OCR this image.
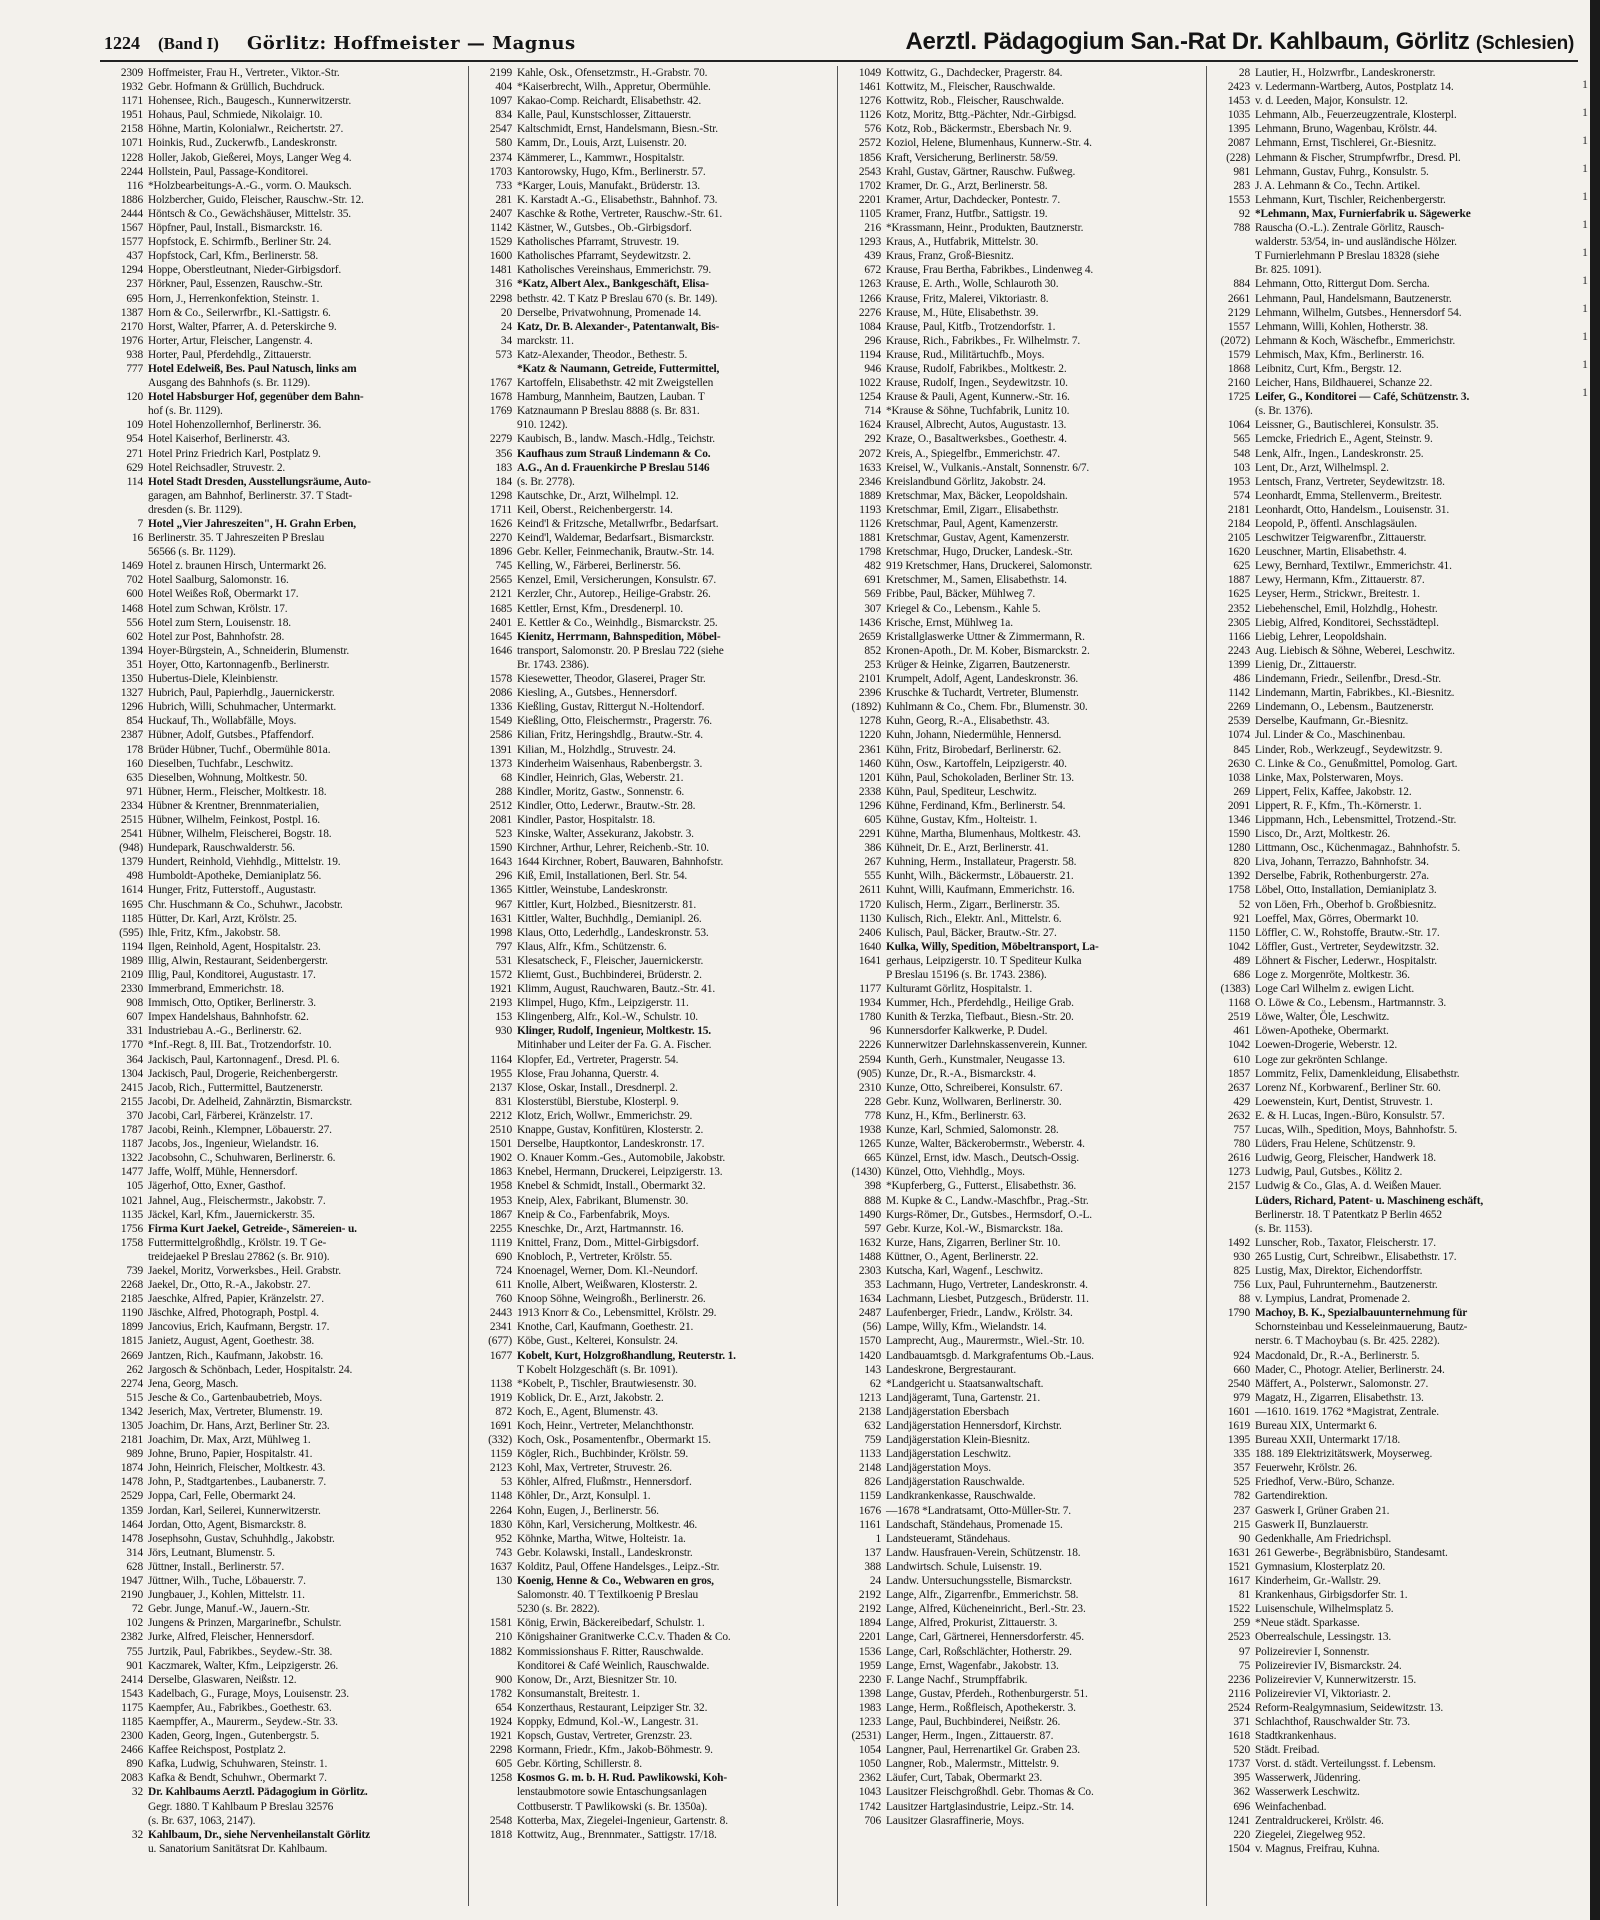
1224 (Band I) Görlitz: Hoffmeister — Magnus	Aerztl. Pädagogium San.-Rat Dr. Kahlbaum, Görlitz (Schlesien)
2309 Hoffmeister, Frau H., Vertreter., Viktor.-Str.
1932 Gebr. Hofmann & Grüllich, Buchdruck.
1171 Hohensee, Rich., Baugesch., Kunnerwitzerstr.
1951 Hohaus, Paul, Schmiede, Nikolaigr. 10.
2158 Höhne, Martin, Kolonialwr., Reichertstr. 27.
1071 Hoinkis, Rud., Zuckerwfb., Landeskronstr.
1228 Holler, Jakob, Gießerei, Moys, Langer Weg 4.
2244 Hollstein, Paul, Passage-Konditorei.
116 *Holzbearbeitungs-A.-G., vorm. O. Mauksch.
1886 Holzbercher, Guido, Fleischer, Rauschw.-Str. 12.
2444 Höntsch & Co., Gewächshäuser, Mittelstr. 35.
1567 Höpfner, Paul, Install., Bismarckstr. 16.
1577 Hopfstock, E. Schirmfb., Berliner Str. 24.
437 Hopfstock, Carl, Kfm., Berlinerstr. 58.
1294 Hoppe, Oberstleutnant, Nieder-Girbigsdorf.
237 Hörkner, Paul, Essenzen, Rauschw.-Str.
695 Horn, J., Herrenkonfektion, Steinstr. 1.
1387 Horn & Co., Seilerwrfbr., Kl.-Sattigstr. 6.
2170 Horst, Walter, Pfarrer, A. d. Peterskirche 9.
1976 Horter, Artur, Fleischer, Langenstr. 4.
938 Horter, Paul, Pferdehdlg., Zittauerstr.
777 Hotel Edelweiß, Bes. Paul Natusch, links am
Ausgang des Bahnhofs (s. Br. 1129).
120 Hotel Habsburger Hof, gegenüber dem Bahn-
hof (s. Br. 1129).
109 Hotel Hohenzollernhof, Berlinerstr. 36.
954 Hotel Kaiserhof, Berlinerstr. 43.
271 Hotel Prinz Friedrich Karl, Postplatz 9.
629 Hotel Reichsadler, Struvestr. 2.
114 Hotel Stadt Dresden, Ausstellungsräume, Auto-
garagen, am Bahnhof, Berlinerstr. 37. T Stadt-
dresden (s. Br. 1129).
7 Hotel „Vier Jahreszeiten", H. Grahn Erben,
16 Berlinerstr. 35. T Jahreszeiten P Breslau
56566 (s. Br. 1129).
1469 Hotel z. braunen Hirsch, Untermarkt 26.
702 Hotel Saalburg, Salomonstr. 16.
600 Hotel Weißes Roß, Obermarkt 17.
1468 Hotel zum Schwan, Krölstr. 17.
556 Hotel zum Stern, Louisenstr. 18.
602 Hotel zur Post, Bahnhofstr. 28.
1394 Hoyer-Bürgstein, A., Schneiderin, Blumenstr.
351 Hoyer, Otto, Kartonnagenfb., Berlinerstr.
1350 Hubertus-Diele, Kleinbienstr.
1327 Hubrich, Paul, Papierhdlg., Jauernickerstr.
1296 Hubrich, Willi, Schuhmacher, Untermarkt.
854 Huckauf, Th., Wollabfälle, Moys.
2387 Hübner, Adolf, Gutsbes., Pfaffendorf.
178 Brüder Hübner, Tuchf., Obermühle 801a.
160 Dieselben, Tuchfabr., Leschwitz.
635 Dieselben, Wohnung, Moltkestr. 50.
971 Hübner, Herm., Fleischer, Moltkestr. 18.
2334 Hübner & Krentner, Brennmaterialien,
2515 Hübner, Wilhelm, Feinkost, Postpl. 16.
2541 Hübner, Wilhelm, Fleischerei, Bogstr. 18.
(948) Hundepark, Rauschwalderstr. 56.
1379 Hundert, Reinhold, Viehhdlg., Mittelstr. 19.
498 Humboldt-Apotheke, Demianiplatz 56.
1614 Hunger, Fritz, Futterstoff., Augustastr.
1695 Chr. Huschmann & Co., Schuhwr., Jacobstr.
1185 Hütter, Dr. Karl, Arzt, Krölstr. 25.
(595) Ihle, Fritz, Kfm., Jakobstr. 58.
1194 Ilgen, Reinhold, Agent, Hospitalstr. 23.
1989 Illig, Alwin, Restaurant, Seidenbergerstr.
2109 Illig, Paul, Konditorei, Augustastr. 17.
2330 Immerbrand, Emmerichstr. 18.
908 Immisch, Otto, Optiker, Berlinerstr. 3.
607 Impex Handelshaus, Bahnhofstr. 62.
331 Industriebau A.-G., Berlinerstr. 62.
1770 *Inf.-Regt. 8, III. Bat., Trotzendorfstr. 10.
364 Jackisch, Paul, Kartonnagenf., Dresd. Pl. 6.
1304 Jackisch, Paul, Drogerie, Reichenbergerstr.
2415 Jacob, Rich., Futtermittel, Bautzenerstr.
2155 Jacobi, Dr. Adelheid, Zahnärztin, Bismarckstr.
370 Jacobi, Carl, Färberei, Kränzelstr. 17.
1787 Jacobi, Reinh., Klempner, Löbauerstr. 27.
1187 Jacobs, Jos., Ingenieur, Wielandstr. 16.
1322 Jacobsohn, C., Schuhwaren, Berlinerstr. 6.
1477 Jaffe, Wolff, Mühle, Hennersdorf.
105 Jägerhof, Otto, Exner, Gasthof.
1021 Jahnel, Aug., Fleischermstr., Jakobstr. 7.
1135 Jäckel, Karl, Kfm., Jauernickerstr. 35.
1756 Firma Kurt Jaekel, Getreide-, Sämereien- u.
1758 Futtermittelgroßhdlg., Krölstr. 19. T Ge-
treidejaekel P Breslau 27862 (s. Br. 910).
739 Jaekel, Moritz, Vorwerksbes., Heil. Grabstr.
2268 Jaekel, Dr., Otto, R.-A., Jakobstr. 27.
2185 Jaeschke, Alfred, Papier, Kränzelstr. 27.
1190 Jäschke, Alfred, Photograph, Postpl. 4.
1899 Jancovius, Erich, Kaufmann, Bergstr. 17.
1815 Janietz, August, Agent, Goethestr. 38.
2669 Jantzen, Rich., Kaufmann, Jakobstr. 16.
262 Jargosch & Schönbach, Leder, Hospitalstr. 24.
2274 Jena, Georg, Masch.
515 Jesche & Co., Gartenbaubetrieb, Moys.
1342 Jeserich, Max, Vertreter, Blumenstr. 19.
1305 Joachim, Dr. Hans, Arzt, Berliner Str. 23.
2181 Joachim, Dr. Max, Arzt, Mühlweg 1.
989 Johne, Bruno, Papier, Hospitalstr. 41.
1874 John, Heinrich, Fleischer, Moltkestr. 43.
1478 John, P., Stadtgartenbes., Laubanerstr. 7.
2529 Joppa, Carl, Felle, Obermarkt 24.
1359 Jordan, Karl, Seilerei, Kunnerwitzerstr.
1464 Jordan, Otto, Agent, Bismarckstr. 8.
1478 Josephsohn, Gustav, Schuhhdlg., Jakobstr.
314 Jörs, Leutnant, Blumenstr. 5.
628 Jüttner, Install., Berlinerstr. 57.
1947 Jüttner, Wilh., Tuche, Löbauerstr. 7.
2190 Jungbauer, J., Kohlen, Mittelstr. 11.
72 Gebr. Junge, Manuf.-W., Jauern.-Str.
102 Jungens & Prinzen, Margarinefbr., Schulstr.
2382 Jurke, Alfred, Fleischer, Hennersdorf.
755 Jurtzik, Paul, Fabrikbes., Seydew.-Str. 38.
901 Kaczmarek, Walter, Kfm., Leipzigerstr. 26.
2414 Derselbe, Glaswaren, Neißstr. 12.
1543 Kadelbach, G., Furage, Moys, Louisenstr. 23.
1175 Kaempfer, Au., Fabrikbes., Goethestr. 63.
1185 Kaempffer, A., Maurerm., Seydew.-Str. 33.
2300 Kaden, Georg, Ingen., Gutenbergstr. 5.
2466 Kaffee Reichspost, Postplatz 2.
890 Kafka, Ludwig, Schuhwaren, Steinstr. 1.
2083 Kafka & Bendt, Schuhwr., Obermarkt 7.
32 Dr. Kahlbaums Aerztl. Pädagogium in Görlitz.
Gegr. 1880. T Kahlbaum P Breslau 32576
(s. Br. 637, 1063, 2147).
32 Kahlbaum, Dr., siehe Nervenheilanstalt Görlitz
u. Sanatorium Sanitätsrat Dr. Kahlbaum.
2199 Kahle, Osk., Ofensetzmstr., H.-Grabstr. 70.
404 *Kaiserbrecht, Wilh., Appretur, Obermühle.
1097 Kakao-Comp. Reichardt, Elisabethstr. 42.
834 Kalle, Paul, Kunstschlosser, Zittauerstr.
2547 Kaltschmidt, Ernst, Handelsmann, Biesn.-Str.
580 Kamm, Dr., Louis, Arzt, Luisenstr. 20.
2374 Kämmerer, L., Kammwr., Hospitalstr.
1703 Kantorowsky, Hugo, Kfm., Berlinerstr. 57.
733 *Karger, Louis, Manufakt., Brüderstr. 13.
281 K. Karstadt A.-G., Elisabethstr., Bahnhof. 73.
2407 Kaschke & Rothe, Vertreter, Rauschw.-Str. 61.
1142 Kästner, W., Gutsbes., Ob.-Girbigsdorf.
1529 Katholisches Pfarramt, Struvestr. 19.
1600 Katholisches Pfarramt, Seydewitzstr. 2.
1481 Katholisches Vereinshaus, Emmerichstr. 79.
316 *Katz, Albert Alex., Bankgeschäft, Elisa-
2298 bethstr. 42. T Katz P Breslau 670 (s. Br. 149).
20 Derselbe, Privatwohnung, Promenade 14.
24 Katz, Dr. B. Alexander-, Patentanwalt, Bis-
34 marckstr. 11.
573 Katz-Alexander, Theodor., Bethestr. 5.
*Katz & Naumann, Getreide, Futtermittel,
1767 Kartoffeln, Elisabethstr. 42 mit Zweigstellen
1678 Hamburg, Mannheim, Bautzen, Lauban. T
1769 Katznaumann P Breslau 8888 (s. Br. 831.
910. 1242).
2279 Kaubisch, B., landw. Masch.-Hdlg., Teichstr.
356 Kaufhaus zum Strauß Lindemann & Co.
183 A.G., An d. Frauenkirche P Breslau 5146
184 (s. Br. 2778).
1298 Kautschke, Dr., Arzt, Wilhelmpl. 12.
1711 Keil, Oberst., Reichenbergerstr. 14.
1626 Keind'l & Fritzsche, Metallwrfbr., Bedarfsart.
2270 Keind'l, Waldemar, Bedarfsart., Bismarckstr.
1896 Gebr. Keller, Feinmechanik, Brautw.-Str. 14.
745 Kelling, W., Färberei, Berlinerstr. 56.
2565 Kenzel, Emil, Versicherungen, Konsulstr. 67.
2121 Kerzler, Chr., Autorep., Heilige-Grabstr. 26.
1685 Kettler, Ernst, Kfm., Dresdenerpl. 10.
2401 E. Kettler & Co., Weinhdlg., Bismarckstr. 25.
1645 Kienitz, Herrmann, Bahnspedition, Möbel-
1646 transport, Salomonstr. 20. P Breslau 722 (siehe
Br. 1743. 2386).
1578 Kiesewetter, Theodor, Glaserei, Prager Str.
2086 Kiesling, A., Gutsbes., Hennersdorf.
1336 Kießling, Gustav, Rittergut N.-Holtendorf.
1549 Kießling, Otto, Fleischermstr., Pragerstr. 76.
2586 Kilian, Fritz, Heringshdlg., Brautw.-Str. 4.
1391 Kilian, M., Holzhdlg., Struvestr. 24.
1373 Kinderheim Waisenhaus, Rabenbergstr. 3.
68 Kindler, Heinrich, Glas, Weberstr. 21.
288 Kindler, Moritz, Gastw., Sonnenstr. 6.
2512 Kindler, Otto, Lederwr., Brautw.-Str. 28.
2081 Kindler, Pastor, Hospitalstr. 18.
523 Kinske, Walter, Assekuranz, Jakobstr. 3.
1590 Kirchner, Arthur, Lehrer, Reichenb.-Str. 10.
1643 1644 Kirchner, Robert, Bauwaren, Bahnhofstr.
296 Kiß, Emil, Installationen, Berl. Str. 54.
1365 Kittler, Weinstube, Landeskronstr.
967 Kittler, Kurt, Holzbed., Biesnitzerstr. 81.
1631 Kittler, Walter, Buchhdlg., Demianipl. 26.
1998 Klaus, Otto, Lederhdlg., Landeskronstr. 53.
797 Klaus, Alfr., Kfm., Schützenstr. 6.
531 Klesatscheck, F., Fleischer, Jauernickerstr.
1572 Kliemt, Gust., Buchbinderei, Brüderstr. 2.
1921 Klimm, August, Rauchwaren, Bautz.-Str. 41.
2193 Klimpel, Hugo, Kfm., Leipzigerstr. 11.
153 Klingenberg, Alfr., Kol.-W., Schulstr. 10.
930 Klinger, Rudolf, Ingenieur, Moltkestr. 15.
Mitinhaber und Leiter der Fa. G. A. Fischer.
1164 Klopfer, Ed., Vertreter, Pragerstr. 54.
1955 Klose, Frau Johanna, Querstr. 4.
2137 Klose, Oskar, Install., Dresdnerpl. 2.
831 Klosterstübl, Bierstube, Klosterpl. 9.
2212 Klotz, Erich, Wollwr., Emmerichstr. 29.
2510 Knappe, Gustav, Konfitüren, Klosterstr. 2.
1501 Derselbe, Hauptkontor, Landeskronstr. 17.
1902 O. Knauer Komm.-Ges., Automobile, Jakobstr.
1863 Knebel, Hermann, Druckerei, Leipzigerstr. 13.
1958 Knebel & Schmidt, Install., Obermarkt 32.
1953 Kneip, Alex, Fabrikant, Blumenstr. 30.
1867 Kneip & Co., Farbenfabrik, Moys.
2255 Kneschke, Dr., Arzt, Hartmannstr. 16.
1119 Knittel, Franz, Dom., Mittel-Girbigsdorf.
690 Knobloch, P., Vertreter, Krölstr. 55.
724 Knoenagel, Werner, Dom. Kl.-Neundorf.
611 Knolle, Albert, Weißwaren, Klosterstr. 2.
760 Knoop Söhne, Weingroßh., Berlinerstr. 26.
2443 1913 Knorr & Co., Lebensmittel, Krölstr. 29.
2341 Knothe, Carl, Kaufmann, Goethestr. 21.
(677) Köbe, Gust., Kelterei, Konsulstr. 24.
1677 Kobelt, Kurt, Holzgroßhandlung, Reuterstr. 1.
T Kobelt Holzgeschäft (s. Br. 1091).
1138 *Kobelt, P., Tischler, Brautwiesenstr. 30.
1919 Koblick, Dr. E., Arzt, Jakobstr. 2.
872 Koch, E., Agent, Blumenstr. 43.
1691 Koch, Heinr., Vertreter, Melanchthonstr.
(332) Koch, Osk., Posamentenfbr., Obermarkt 15.
1159 Kögler, Rich., Buchbinder, Krölstr. 59.
2123 Kohl, Max, Vertreter, Struvestr. 26.
53 Köhler, Alfred, Flußmstr., Hennersdorf.
1148 Köhler, Dr., Arzt, Konsulpl. 1.
2264 Kohn, Eugen, J., Berlinerstr. 56.
1830 Köhn, Karl, Versicherung, Moltkestr. 46.
952 Köhnke, Martha, Witwe, Holteistr. 1a.
743 Gebr. Kolawski, Install., Landeskronstr.
1637 Kolditz, Paul, Offene Handelsges., Leipz.-Str.
130 Koenig, Henne & Co., Webwaren en gros,
Salomonstr. 40. T Textilkoenig P Breslau
5230 (s. Br. 2822).
1581 König, Erwin, Bäckereibedarf, Schulstr. 1.
210 Königshainer Granitwerke C.C.v. Thaden & Co.
1882 Kommissionshaus F. Ritter, Rauschwalde.
Konditorei & Café Weinlich, Rauschwalde.
900 Konow, Dr., Arzt, Biesnitzer Str. 10.
1782 Konsumanstalt, Breitestr. 1.
654 Konzerthaus, Restaurant, Leipziger Str. 32.
1924 Koppky, Edmund, Kol.-W., Langestr. 31.
1921 Kopsch, Gustav, Vertreter, Grenzstr. 23.
2298 Kormann, Friedr., Kfm., Jakob-Böhmestr. 9.
605 Gebr. Körting, Schillerstr. 8.
1258 Kosmos G. m. b. H. Rud. Pawlikowski, Koh-
lenstaubmotore sowie Entaschungsanlagen
Cottbuserstr. T Pawlikowski (s. Br. 1350a).
2548 Kotterba, Max, Ziegelei-Ingenieur, Gartenstr. 8.
1818 Kottwitz, Aug., Brennmater., Sattigstr. 17/18.
1049 Kottwitz, G., Dachdecker, Pragerstr. 84.
1461 Kottwitz, M., Fleischer, Rauschwalde.
1276 Kottwitz, Rob., Fleischer, Rauschwalde.
1126 Kotz, Moritz, Bttg.-Pächter, Ndr.-Girbigsd.
576 Kotz, Rob., Bäckermstr., Ebersbach Nr. 9.
2572 Koziol, Helene, Blumenhaus, Kunnerw.-Str. 4.
1856 Kraft, Versicherung, Berlinerstr. 58/59.
2543 Krahl, Gustav, Gärtner, Rauschw. Fußweg.
1702 Kramer, Dr. G., Arzt, Berlinerstr. 58.
2201 Kramer, Artur, Dachdecker, Pontestr. 7.
1105 Kramer, Franz, Hutfbr., Sattigstr. 19.
216 *Krassmann, Heinr., Produkten, Bautznerstr.
1293 Kraus, A., Hutfabrik, Mittelstr. 30.
439 Kraus, Franz, Groß-Biesnitz.
672 Krause, Frau Bertha, Fabrikbes., Lindenweg 4.
1263 Krause, E. Arth., Wolle, Schlauroth 30.
1266 Krause, Fritz, Malerei, Viktoriastr. 8.
2276 Krause, M., Hüte, Elisabethstr. 39.
1084 Krause, Paul, Kitfb., Trotzendorfstr. 1.
296 Krause, Rich., Fabrikbes., Fr. Wilhelmstr. 7.
1194 Krause, Rud., Militärtuchfb., Moys.
946 Krause, Rudolf, Fabrikbes., Moltkestr. 2.
1022 Krause, Rudolf, Ingen., Seydewitzstr. 10.
1254 Krause & Pauli, Agent, Kunnerw.-Str. 16.
714 *Krause & Söhne, Tuchfabrik, Lunitz 10.
1624 Krausel, Albrecht, Autos, Augustastr. 13.
292 Kraze, O., Basaltwerksbes., Goethestr. 4.
2072 Kreis, A., Spiegelfbr., Emmerichstr. 47.
1633 Kreisel, W., Vulkanis.-Anstalt, Sonnenstr. 6/7.
2346 Kreislandbund Görlitz, Jakobstr. 24.
1889 Kretschmar, Max, Bäcker, Leopoldshain.
1193 Kretschmar, Emil, Zigarr., Elisabethstr.
1126 Kretschmar, Paul, Agent, Kamenzerstr.
1881 Kretschmar, Gustav, Agent, Kamenzerstr.
1798 Kretschmar, Hugo, Drucker, Landesk.-Str.
482 919 Kretschmer, Hans, Druckerei, Salomonstr.
691 Kretschmer, M., Samen, Elisabethstr. 14.
569 Fribbe, Paul, Bäcker, Mühlweg 7.
307 Kriegel & Co., Lebensm., Kahle 5.
1436 Krische, Ernst, Mühlweg 1a.
2659 Kristallglaswerke Uttner & Zimmermann, R.
852 Kronen-Apoth., Dr. M. Kober, Bismarckstr. 2.
253 Krüger & Heinke, Zigarren, Bautzenerstr.
2101 Krumpelt, Adolf, Agent, Landeskronstr. 36.
2396 Kruschke & Tuchardt, Vertreter, Blumenstr.
(1892) Kuhlmann & Co., Chem. Fbr., Blumenstr. 30.
1278 Kuhn, Georg, R.-A., Elisabethstr. 43.
1220 Kuhn, Johann, Niedermühle, Hennersd.
2361 Kühn, Fritz, Birobedarf, Berlinerstr. 62.
1460 Kühn, Osw., Kartoffeln, Leipzigerstr. 40.
1201 Kühn, Paul, Schokoladen, Berliner Str. 13.
2338 Kühn, Paul, Spediteur, Leschwitz.
1296 Kühne, Ferdinand, Kfm., Berlinerstr. 54.
605 Kühne, Gustav, Kfm., Holteistr. 1.
2291 Kühne, Martha, Blumenhaus, Moltkestr. 43.
386 Kühneit, Dr. E., Arzt, Berlinerstr. 41.
267 Kuhning, Herm., Installateur, Pragerstr. 58.
555 Kunht, Wilh., Bäckermstr., Löbauerstr. 21.
2611 Kuhnt, Willi, Kaufmann, Emmerichstr. 16.
1720 Kulisch, Herm., Zigarr., Berlinerstr. 35.
1130 Kulisch, Rich., Elektr. Anl., Mittelstr. 6.
2406 Kulisch, Paul, Bäcker, Brautw.-Str. 27.
1640 Kulka, Willy, Spedition, Möbeltransport, La-
1641 gerhaus, Leipzigerstr. 10. T Spediteur Kulka
P Breslau 15196 (s. Br. 1743. 2386).
1177 Kulturamt Görlitz, Hospitalstr. 1.
1934 Kummer, Hch., Pferdehdlg., Heilige Grab.
1780 Kunith & Terzka, Tiefbaut., Biesn.-Str. 20.
96 Kunnersdorfer Kalkwerke, P. Dudel.
2226 Kunnerwitzer Darlehnskassenverein, Kunner.
2594 Kunth, Gerh., Kunstmaler, Neugasse 13.
(905) Kunze, Dr., R.-A., Bismarckstr. 4.
2310 Kunze, Otto, Schreiberei, Konsulstr. 67.
228 Gebr. Kunz, Wollwaren, Berlinerstr. 30.
778 Kunz, H., Kfm., Berlinerstr. 63.
1938 Kunze, Karl, Schmied, Salomonstr. 28.
1265 Kunze, Walter, Bäckerobermstr., Weberstr. 4.
665 Künzel, Ernst, idw. Masch., Deutsch-Ossig.
(1430) Künzel, Otto, Viehhdlg., Moys.
398 *Kupferberg, G., Futterst., Elisabethstr. 36.
888 M. Kupke & C., Landw.-Maschfbr., Prag.-Str.
1490 Kurgs-Römer, Dr., Gutsbes., Hermsdorf, O.-L.
597 Gebr. Kurze, Kol.-W., Bismarckstr. 18a.
1632 Kurze, Hans, Zigarren, Berliner Str. 10.
1488 Küttner, O., Agent, Berlinerstr. 22.
2303 Kutscha, Karl, Wagenf., Leschwitz.
353 Lachmann, Hugo, Vertreter, Landeskronstr. 4.
1634 Lachmann, Liesbet, Putzgesch., Brüderstr. 11.
2487 Laufenberger, Friedr., Landw., Krölstr. 34.
(56) Lampe, Willy, Kfm., Wielandstr. 14.
1570 Lamprecht, Aug., Maurermstr., Wiel.-Str. 10.
1420 Landbauamtsgb. d. Markgrafentums Ob.-Laus.
143 Landeskrone, Bergrestaurant.
62 *Landgericht u. Staatsanwaltschaft.
1213 Landjägeramt, Tuna, Gartenstr. 21.
2138 Landjägerstation Ebersbach
632 Landjägerstation Hennersdorf, Kirchstr.
759 Landjägerstation Klein-Biesnitz.
1133 Landjägerstation Leschwitz.
2148 Landjägerstation Moys.
826 Landjägerstation Rauschwalde.
1159 Landkrankenkasse, Rauschwalde.
1676 —1678 *Landratsamt, Otto-Müller-Str. 7.
1161 Landschaft, Ständehaus, Promenade 15.
1 Landsteueramt, Ständehaus.
137 Landw. Hausfrauen-Verein, Schützenstr. 18.
388 Landwirtsch. Schule, Luisenstr. 19.
24 Landw. Untersuchungsstelle, Bismarckstr.
2192 Lange, Alfr., Zigarrenfbr., Emmerichstr. 58.
2192 Lange, Alfred, Kücheneinricht., Berl.-Str. 23.
1894 Lange, Alfred, Prokurist, Zittauerstr. 3.
2201 Lange, Carl, Gärtnerei, Hennersdorferstr. 45.
1536 Lange, Carl, Roßschlächter, Hotherstr. 29.
1959 Lange, Ernst, Wagenfabr., Jakobstr. 13.
2230 F. Lange Nachf., Strumpffabrik.
1398 Lange, Gustav, Pferdeh., Rothenburgerstr. 51.
1983 Lange, Herm., Roßfleisch, Apothekerstr. 3.
1233 Lange, Paul, Buchbinderei, Neißstr. 26.
(2531) Langer, Herm., Ingen., Zittauerstr. 87.
1054 Langner, Paul, Herrenartikel Gr. Graben 23.
1050 Langner, Rob., Malermstr., Mittelstr. 9.
2362 Läufer, Curt, Tabak, Obermarkt 23.
1043 Lausitzer Fleischgroßhdl. Gebr. Thomas & Co.
1742 Lausitzer Hartglasindustrie, Leipz.-Str. 14.
706 Lausitzer Glasraffinerie, Moys.
28 Lautier, H., Holzwrfbr., Landeskronerstr.
2423 v. Ledermann-Wartberg, Autos, Postplatz 14.
1453 v. d. Leeden, Major, Konsulstr. 12.
1035 Lehmann, Alb., Feuerzeugzentrale, Klosterpl.
1395 Lehmann, Bruno, Wagenbau, Krölstr. 44.
2087 Lehmann, Ernst, Tischlerei, Gr.-Biesnitz.
(228) Lehmann & Fischer, Strumpfwrfbr., Dresd. Pl.
981 Lehmann, Gustav, Fuhrg., Konsulstr. 5.
283 J. A. Lehmann & Co., Techn. Artikel.
1553 Lehmann, Kurt, Tischler, Reichenbergerstr.
92 *Lehmann, Max, Furnierfabrik u. Sägewerke
788 Rauscha (O.-L.). Zentrale Görlitz, Rausch-
walderstr. 53/54, in- und ausländische Hölzer.
T Furnierlehmann P Breslau 18328 (siehe
Br. 825. 1091).
884 Lehmann, Otto, Rittergut Dom. Sercha.
2661 Lehmann, Paul, Handelsmann, Bautzenerstr.
2129 Lehmann, Wilhelm, Gutsbes., Hennersdorf 54.
1557 Lehmann, Willi, Kohlen, Hotherstr. 38.
(2072) Lehmann & Koch, Wäschefbr., Emmerichstr.
1579 Lehmisch, Max, Kfm., Berlinerstr. 16.
1868 Leibnitz, Curt, Kfm., Bergstr. 12.
2160 Leicher, Hans, Bildhauerei, Schanze 22.
1725 Leifer, G., Konditorei — Café, Schützenstr. 3.
(s. Br. 1376).
1064 Leissner, G., Bautischlerei, Konsulstr. 35.
565 Lemcke, Friedrich E., Agent, Steinstr. 9.
548 Lenk, Alfr., Ingen., Landeskronstr. 25.
103 Lent, Dr., Arzt, Wilhelmspl. 2.
1953 Lentsch, Franz, Vertreter, Seydewitzstr. 18.
574 Leonhardt, Emma, Stellenverm., Breitestr.
2181 Leonhardt, Otto, Handelsm., Louisenstr. 31.
2184 Leopold, P., öffentl. Anschlagsäulen.
2105 Leschwitzer Teigwarenfbr., Zittauerstr.
1620 Leuschner, Martin, Elisabethstr. 4.
625 Lewy, Bernhard, Textilwr., Emmerichstr. 41.
1887 Lewy, Hermann, Kfm., Zittauerstr. 87.
1625 Leyser, Herm., Strickwr., Breitestr. 1.
2352 Liebehenschel, Emil, Holzhdlg., Hohestr.
2305 Liebig, Alfred, Konditorei, Sechsstädtepl.
1166 Liebig, Lehrer, Leopoldshain.
2243 Aug. Liebisch & Söhne, Weberei, Leschwitz.
1399 Lienig, Dr., Zittauerstr.
486 Lindemann, Friedr., Seilenfbr., Dresd.-Str.
1142 Lindemann, Martin, Fabrikbes., Kl.-Biesnitz.
2269 Lindemann, O., Lebensm., Bautzenerstr.
2539 Derselbe, Kaufmann, Gr.-Biesnitz.
1074 Jul. Linder & Co., Maschinenbau.
845 Linder, Rob., Werkzeugf., Seydewitzstr. 9.
2630 C. Linke & Co., Genußmittel, Pomolog. Gart.
1038 Linke, Max, Polsterwaren, Moys.
269 Lippert, Felix, Kaffee, Jakobstr. 12.
2091 Lippert, R. F., Kfm., Th.-Körnerstr. 1.
1346 Lippmann, Hch., Lebensmittel, Trotzend.-Str.
1590 Lisco, Dr., Arzt, Moltkestr. 26.
1280 Littmann, Osc., Küchenmagaz., Bahnhofstr. 5.
820 Liva, Johann, Terrazzo, Bahnhofstr. 34.
1392 Derselbe, Fabrik, Rothenburgerstr. 27a.
1758 Löbel, Otto, Installation, Demianiplatz 3.
52 von Löen, Frh., Oberhof b. Großbiesnitz.
921 Loeffel, Max, Görres, Obermarkt 10.
1150 Löffler, C. W., Rohstoffe, Brautw.-Str. 17.
1042 Löffler, Gust., Vertreter, Seydewitzstr. 32.
489 Löhnert & Fischer, Lederwr., Hospitalstr.
686 Loge z. Morgenröte, Moltkestr. 36.
(1383) Loge Carl Wilhelm z. ewigen Licht.
1168 O. Löwe & Co., Lebensm., Hartmannstr. 3.
2519 Löwe, Walter, Öle, Leschwitz.
461 Löwen-Apotheke, Obermarkt.
1042 Loewen-Drogerie, Weberstr. 12.
610 Loge zur gekrönten Schlange.
1857 Lommitz, Felix, Damenkleidung, Elisabethstr.
2637 Lorenz Nf., Korbwarenf., Berliner Str. 60.
429 Loewenstein, Kurt, Dentist, Struvestr. 1.
2632 E. & H. Lucas, Ingen.-Büro, Konsulstr. 57.
757 Lucas, Wilh., Spedition, Moys, Bahnhofstr. 5.
780 Lüders, Frau Helene, Schützenstr. 9.
2616 Ludwig, Georg, Fleischer, Handwerk 18.
1273 Ludwig, Paul, Gutsbes., Kölitz 2.
2157 Ludwig & Co., Glas, A. d. Weißen Mauer.
Lüders, Richard, Patent- u. Maschineng eschäft,
Berlinerstr. 18. T Patentkatz P Berlin 4652
(s. Br. 1153).
1492 Lunscher, Rob., Taxator, Fleischerstr. 17.
930 265 Lustig, Curt, Schreibwr., Elisabethstr. 17.
825 Lustig, Max, Direktor, Eichendorffstr.
756 Lux, Paul, Fuhrunternehm., Bautzenerstr.
88 v. Lympius, Landrat, Promenade 2.
1790 Machoy, B. K., Spezialbauunternehmung für
Schornsteinbau und Kesseleinmauerung, Bautz-
nerstr. 6. T Machoybau (s. Br. 425. 2282).
924 Macdonald, Dr., R.-A., Berlinerstr. 5.
660 Mader, C., Photogr. Atelier, Berlinerstr. 24.
2540 Mäffert, A., Polsterwr., Salomonstr. 27.
979 Magatz, H., Zigarren, Elisabethstr. 13.
1601 —1610. 1619. 1762 *Magistrat, Zentrale.
1619 Bureau XIX, Untermarkt 6.
1395 Bureau XXII, Untermarkt 17/18.
335 188. 189 Elektrizitätswerk, Moyserweg.
357 Feuerwehr, Krölstr. 26.
525 Friedhof, Verw.-Büro, Schanze.
782 Gartendirektion.
237 Gaswerk I, Grüner Graben 21.
215 Gaswerk II, Bunzlauerstr.
90 Gedenkhalle, Am Friedrichspl.
1631 261 Gewerbe-, Begräbnisbüro, Standesamt.
1521 Gymnasium, Klosterplatz 20.
1617 Kinderheim, Gr.-Wallstr. 29.
81 Krankenhaus, Girbigsdorfer Str. 1.
1522 Luisenschule, Wilhelmsplatz 5.
259 *Neue städt. Sparkasse.
2523 Oberrealschule, Lessingstr. 13.
97 Polizeirevier I, Sonnenstr.
75 Polizeirevier IV, Bismarckstr. 24.
2236 Polizeirevier V, Kunnerwitzerstr. 15.
2116 Polizeirevier VI, Viktoriastr. 2.
2524 Reform-Realgymnasium, Seidewitzstr. 13.
371 Schlachthof, Rauschwalder Str. 73.
1618 Stadtkrankenhaus.
520 Städt. Freibad.
1737 Vorst. d. städt. Verteilungsst. f. Lebensm.
395 Wasserwerk, Jüdenring.
362 Wasserwerk Leschwitz.
696 Weinfachenbad.
1241 Zentraldruckerei, Krölstr. 46.
220 Ziegelei, Ziegelweg 952.
1504 v. Magnus, Freifrau, Kuhna.
1
1
1
1
1
1
1
1
1
1
1
1
